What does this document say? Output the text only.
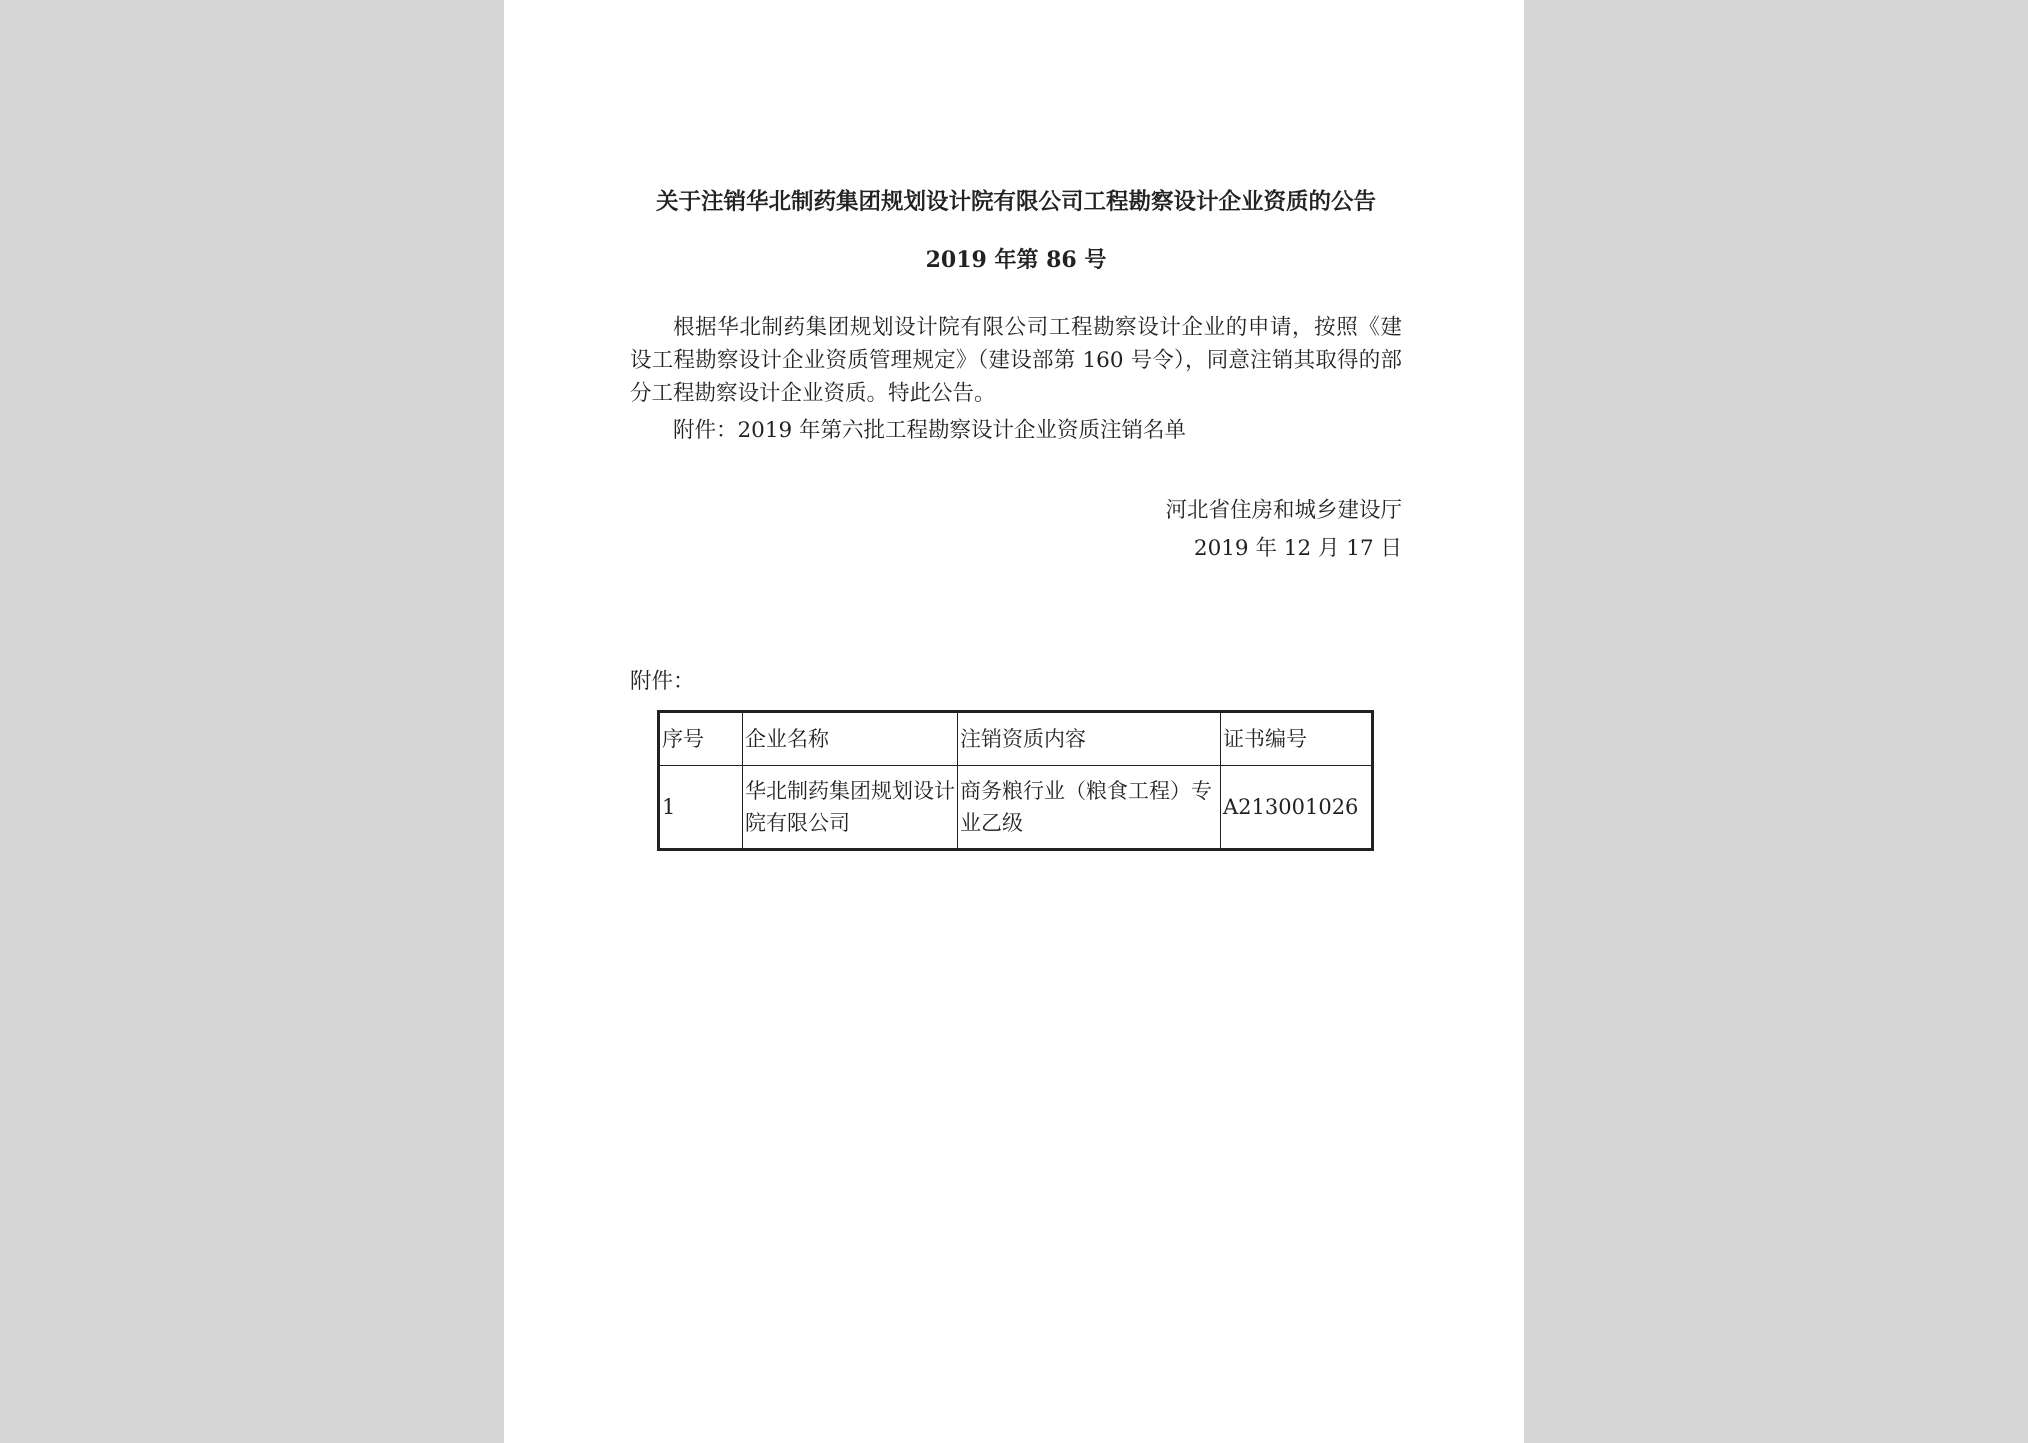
关于注销华北制药集团规划设计院有限公司工程勘察设计企业资质的公告
2019 年第 86 号

根据华北制药集团规划设计院有限公司工程勘察设计企业的申请，按照《建设工程勘察设计企业资质管理规定》（建设部第 160 号令），同意注销其取得的部分工程勘察设计企业资质。特此公告。

附件：2019 年第六批工程勘察设计企业资质注销名单

河北省住房和城乡建设厅
2019 年 12 月 17 日
附件：
序号	企业名称	注销资质内容	证书编号
1	华北制药集团规划设计院有限公司	商务粮行业（粮食工程）专业乙级	A213001026
